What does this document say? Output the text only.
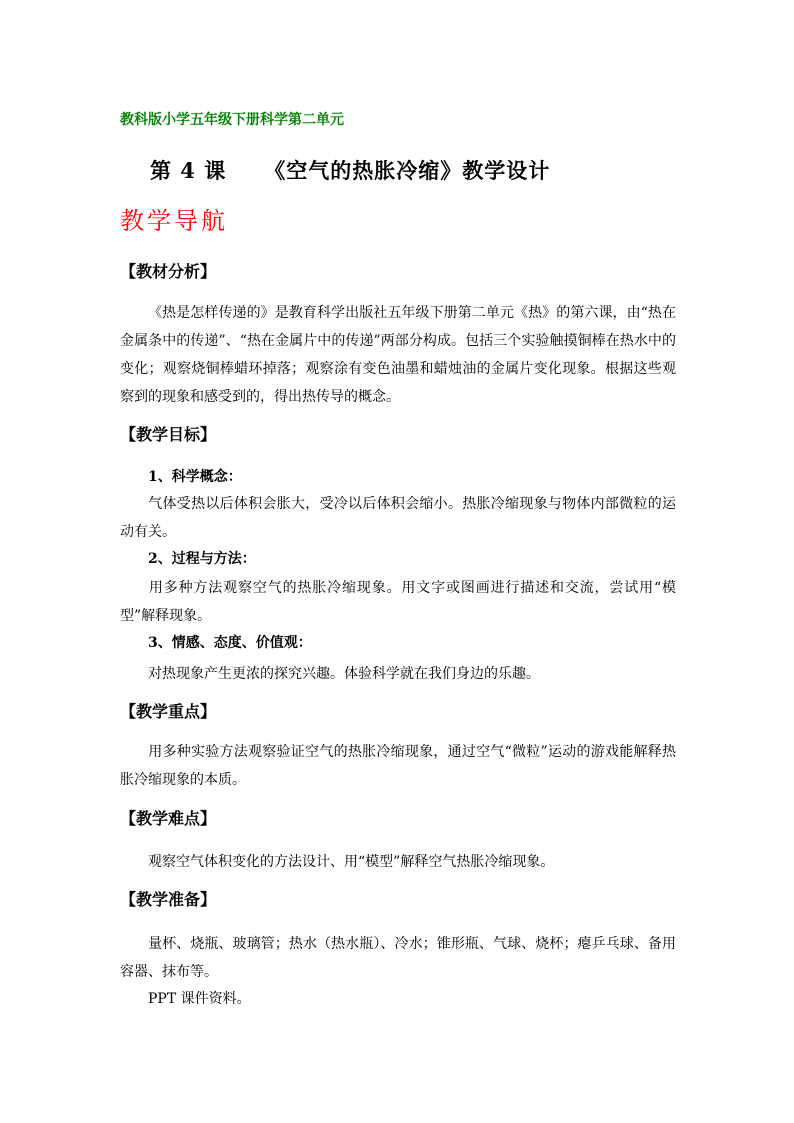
教科版小学五年级下册科学第二单元
第 4 课 《空气的热胀冷缩》教学设计
教学导航
【教材分析】
《热是怎样传递的》是教育科学出版社五年级下册第二单元《热》的第六课，由“热在金属条中的传递”、“热在金属片中的传递”两部分构成。包括三个实验触摸铜棒在热水中的变化；观察烧铜棒蜡环掉落；观察涂有变色油墨和蜡烛油的金属片变化现象。根据这些观察到的现象和感受到的，得出热传导的概念。
【教学目标】
1、科学概念：
气体受热以后体积会胀大，受冷以后体积会缩小。热胀冷缩现象与物体内部微粒的运动有关。
2、过程与方法：
用多种方法观察空气的热胀冷缩现象。用文字或图画进行描述和交流，尝试用“模型”解释现象。
3、情感、态度、价值观：
对热现象产生更浓的探究兴趣。体验科学就在我们身边的乐趣。
【教学重点】
用多种实验方法观察验证空气的热胀冷缩现象，通过空气“微粒”运动的游戏能解释热胀冷缩现象的本质。
【教学难点】
观察空气体积变化的方法设计、用“模型”解释空气热胀冷缩现象。
【教学准备】
量杯、烧瓶、玻璃管；热水（热水瓶）、冷水；锥形瓶、气球、烧杯；瘪乒乓球、备用容器、抹布等。
PPT 课件资料。
